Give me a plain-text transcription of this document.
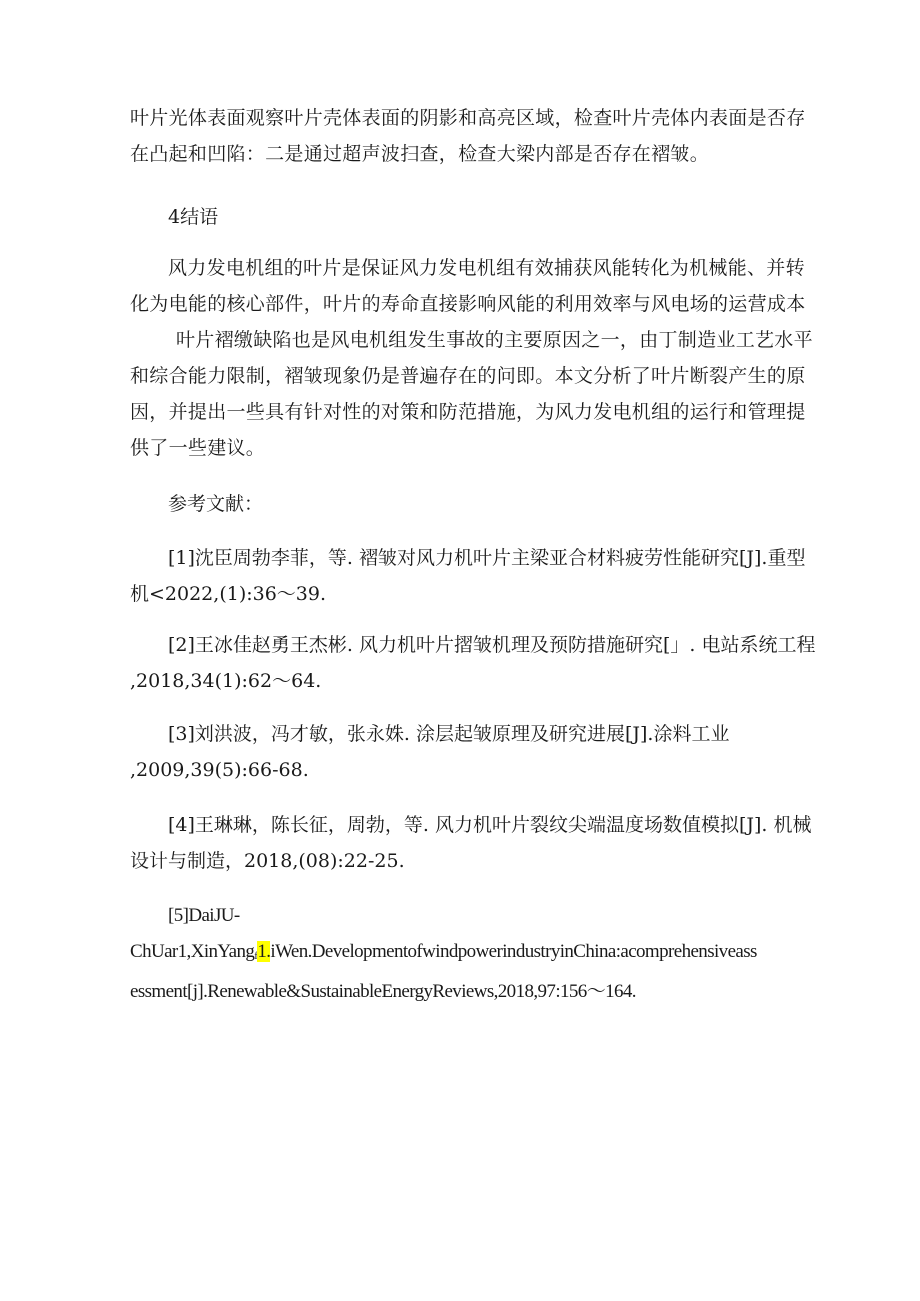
叶片光体表面观察叶片壳体表面的阴影和高亮区域，检查叶片壳体内表面是否存
在凸起和凹陷：二是通过超声波扫查，检查大梁内部是否存在褶皱。

4结语

风力发电机组的叶片是保证风力发电机组有效捕获风能转化为机械能、并转
化为电能的核心部件，叶片的寿命直接影响风能的利用效率与风电场的运营成本
叶片褶缴缺陷也是风电机组发生事故的主要原因之一，由丁制造业工艺水平
和综合能力限制，褶皱现象仍是普遍存在的问即。本文分析了叶片断裂产生的原
因，并提出一些具有针对性的对策和防范措施，为风力发电机组的运行和管理提
供了一些建议。

参考文献：

[1]沈臣周勃李菲，等. 褶皱对风力机叶片主梁亚合材料疲劳性能研究[J].重型
机<2022,(1):36～39.

[2]王冰佳赵勇王杰彬. 风力机叶片摺皱机理及预防措施研究[」. 电站系统工程
,2018,34(1):62～64.

[3]刘洪波，冯才敏，张永姝. 涂层起皱原理及研究进展[J].涂料工业
,2009,39(5):66-68.

[4]王琳琳，陈长征，周勃，等. 风力机叶片裂纹尖端温度场数值模拟[J]. 机械
设计与制造，2018,(08):22-25.

[5]DaiJU-
ChUar1,XinYangf1.iWen.DevelopmentofwindpowerindustryinChina:acomprehensiveass
essment[j].Renewable&SustainableEnergyReviews,2018,97:156～164.
